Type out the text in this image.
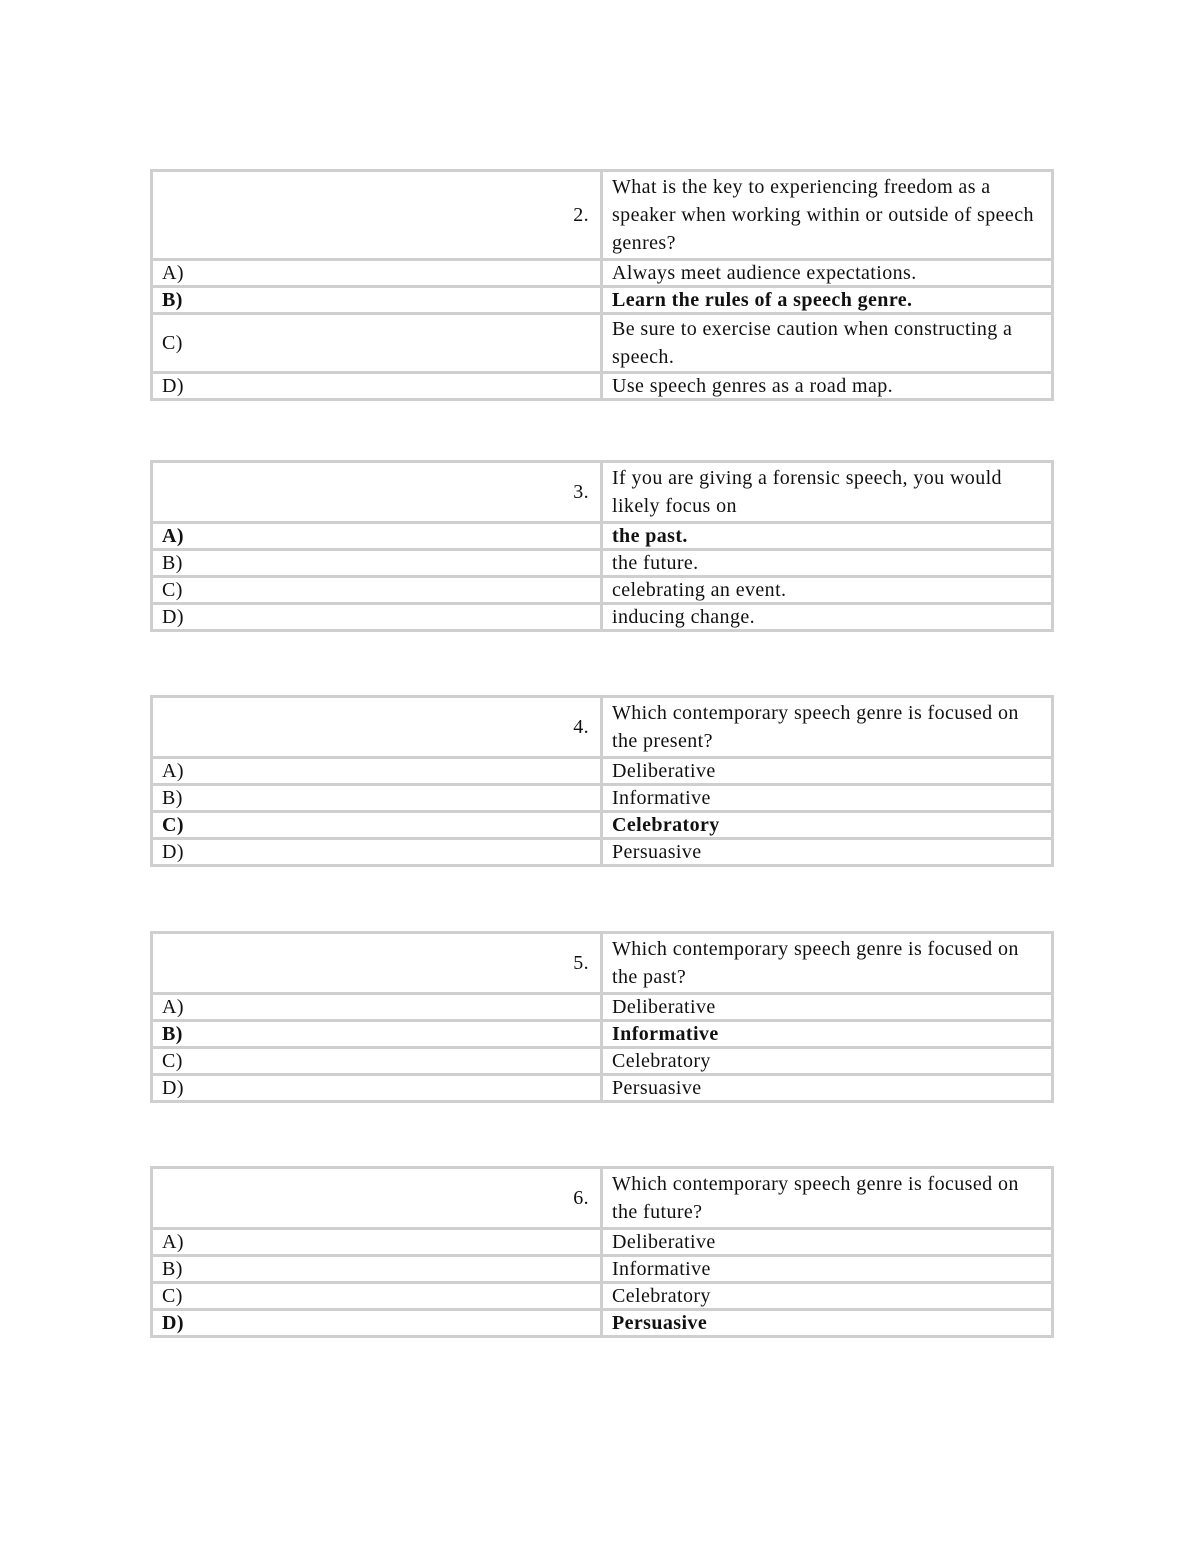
2.	What is the key to experiencing freedom as a speaker when working within or outside of speech genres?
A)	Always meet audience expectations.
B)	Learn the rules of a speech genre.
C)	Be sure to exercise caution when constructing a speech.
D)	Use speech genres as a road map.
3.	If you are giving a forensic speech, you would likely focus on
A)	the past.
B)	the future.
C)	celebrating an event.
D)	inducing change.
4.	Which contemporary speech genre is focused on the present?
A)	Deliberative
B)	Informative
C)	Celebratory
D)	Persuasive
5.	Which contemporary speech genre is focused on the past?
A)	Deliberative
B)	Informative
C)	Celebratory
D)	Persuasive
6.	Which contemporary speech genre is focused on the future?
A)	Deliberative
B)	Informative
C)	Celebratory
D)	Persuasive
